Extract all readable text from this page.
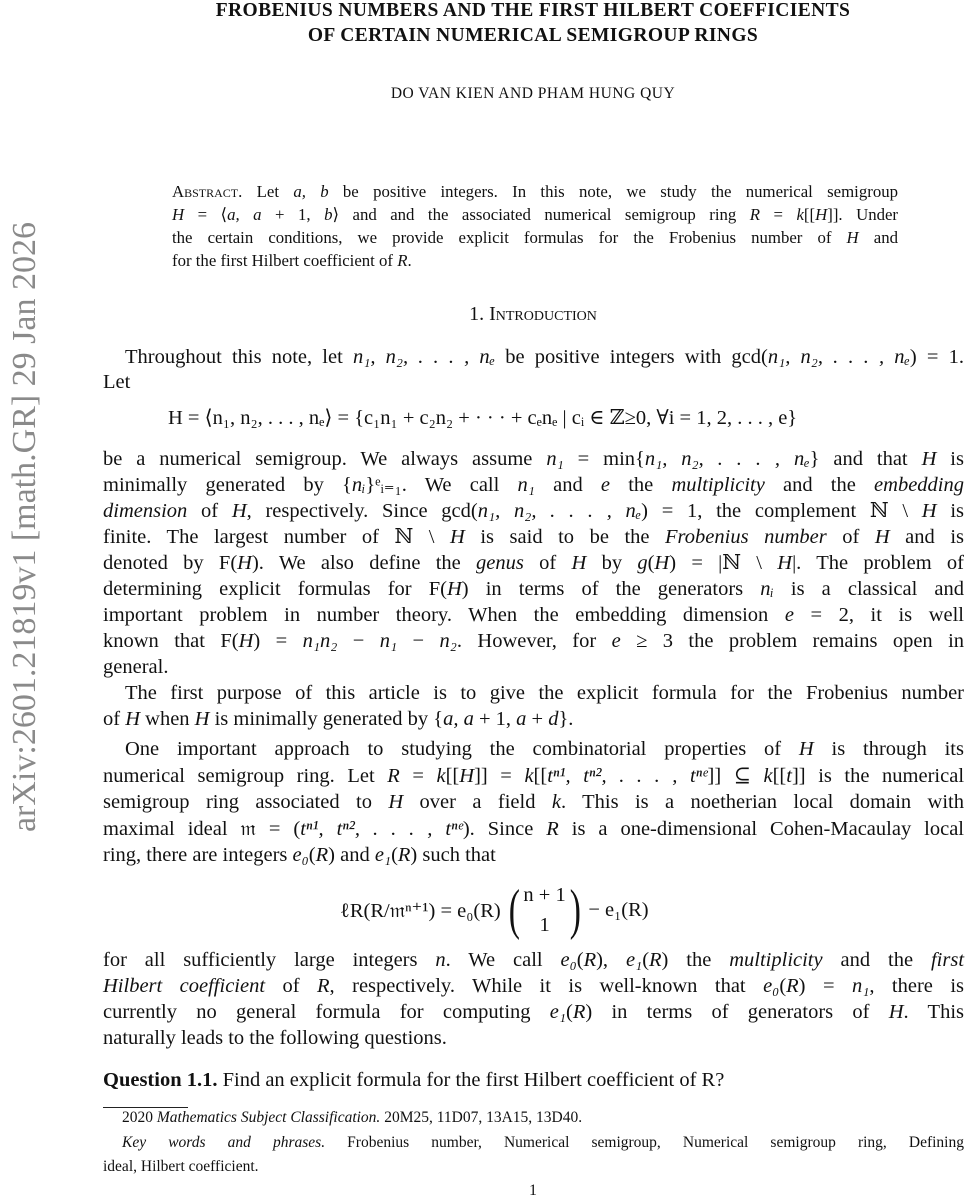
arXiv:2601.21819v1 [math.GR] 29 Jan 2026
FROBENIUS NUMBERS AND THE FIRST HILBERT COEFFICIENTS
OF CERTAIN NUMERICAL SEMIGROUP RINGS
DO VAN KIEN AND PHAM HUNG QUY
Abstract. Let a, b be positive integers. In this note, we study the numerical semigroup
H = ⟨a, a + 1, b⟩ and and the associated numerical semigroup ring R = k[[H]]. Under
the certain conditions, we provide explicit formulas for the Frobenius number of H and
for the first Hilbert coefficient of R.
1. Introduction
Throughout this note, let n₁, n₂, . . . , nₑ be positive integers with gcd(n₁, n₂, . . . , nₑ) = 1.
Let
be a numerical semigroup. We always assume n₁ = min{n₁, n₂, . . . , nₑ} and that H is
minimally generated by {nᵢ}ᵉᵢ₌₁. We call n₁ and e the multiplicity and the embedding
dimension of H, respectively. Since gcd(n₁, n₂, . . . , nₑ) = 1, the complement ℕ \ H is
finite. The largest number of ℕ \ H is said to be the Frobenius number of H and is
denoted by F(H). We also define the genus of H by g(H) = |ℕ \ H|. The problem of
determining explicit formulas for F(H) in terms of the generators nᵢ is a classical and
important problem in number theory. When the embedding dimension e = 2, it is well
known that F(H) = n₁n₂ − n₁ − n₂. However, for e ≥ 3 the problem remains open in
general.
The first purpose of this article is to give the explicit formula for the Frobenius number
of H when H is minimally generated by {a, a + 1, a + d}.
One important approach to studying the combinatorial properties of H is through its
numerical semigroup ring. Let R = k[[H]] = k[[tⁿ¹, tⁿ², . . . , tⁿᵉ]] ⊆ k[[t]] is the numerical
semigroup ring associated to H over a field k. This is a noetherian local domain with
maximal ideal 𝔪 = (tⁿ¹, tⁿ², . . . , tⁿᵉ). Since R is a one-dimensional Cohen-Macaulay local
ring, there are integers e₀(R) and e₁(R) such that
for all sufficiently large integers n. We call e₀(R), e₁(R) the multiplicity and the first
Hilbert coefficient of R, respectively. While it is well-known that e₀(R) = n₁, there is
currently no general formula for computing e₁(R) in terms of generators of H. This
naturally leads to the following questions.
H = ⟨n₁, n₂, . . . , nₑ⟩ = {c₁n₁ + c₂n₂ + · · · + cₑnₑ | cᵢ ∈ ℤ≥0, ∀i = 1, 2, . . . , e}
ℓR(R/𝔪ⁿ⁺¹) = e₀(R) ( n + 1
1 ) − e₁(R)
Question 1.1. Find an explicit formula for the first Hilbert coefficient of R?
2020 Mathematics Subject Classification. 20M25, 11D07, 13A15, 13D40.
Key words and phrases. Frobenius number, Numerical semigroup, Numerical semigroup ring, Defining
ideal, Hilbert coefficient.
1
